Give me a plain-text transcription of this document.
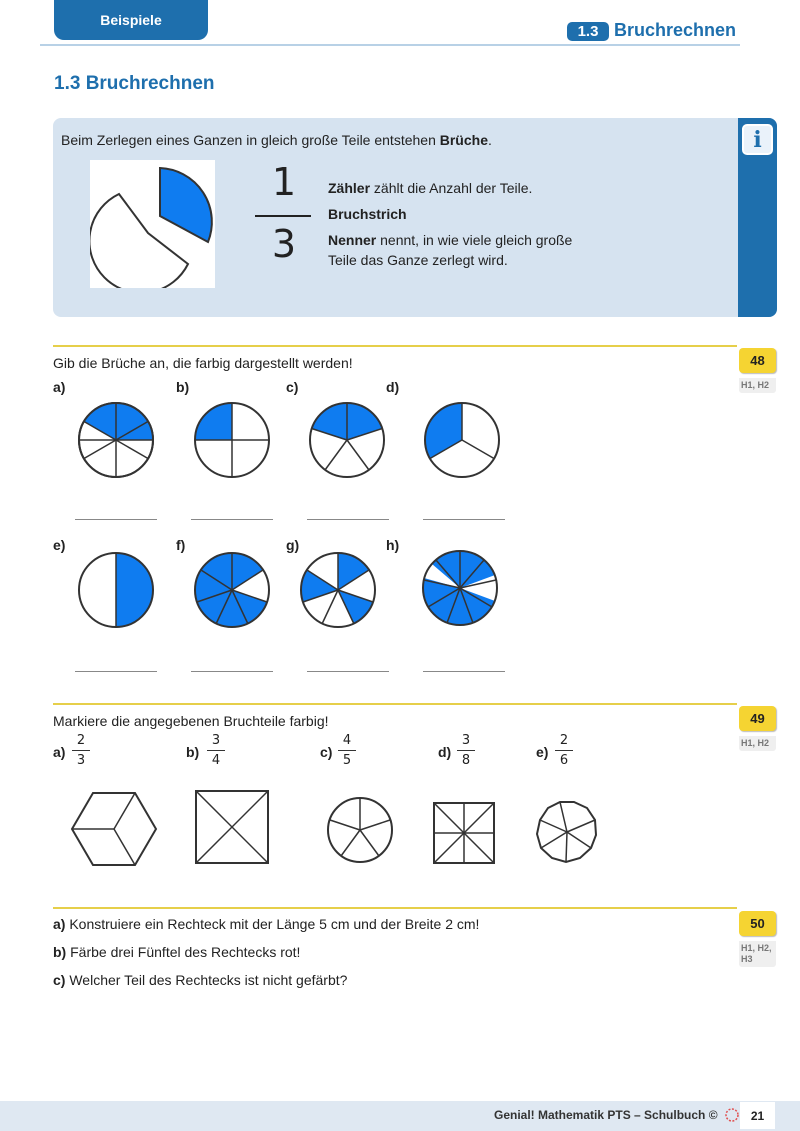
Beispiele
1.3 Bruchrechnen
1.3 Bruchrechnen
i
Beim Zerlegen eines Ganzen in gleich große Teile entstehen Brüche.
1
3
Zähler zählt die Anzahl der Teile.
Bruchstrich
Nenner nennt, in wie viele gleich große
Teile das Ganze zerlegt wird.
48
H1, H2
Gib die Brüche an, die farbig dargestellt werden!
a)	b)	c)	d)
e)	f)	g)	h)
49
H1, H2
Markiere die angegebenen Bruchteile farbig!
a)
2
3
b)
3
4
c)
4
5
d)
3
8
e)
2
6
50
H1, H2, H3
a) Konstruiere ein Rechteck mit der Länge 5 cm und der Breite 2 cm!
b) Färbe drei Fünftel des Rechtecks rot!
c) Welcher Teil des Rechtecks ist nicht gefärbt?
Genial! Mathematik PTS – Schulbuch ©	21
